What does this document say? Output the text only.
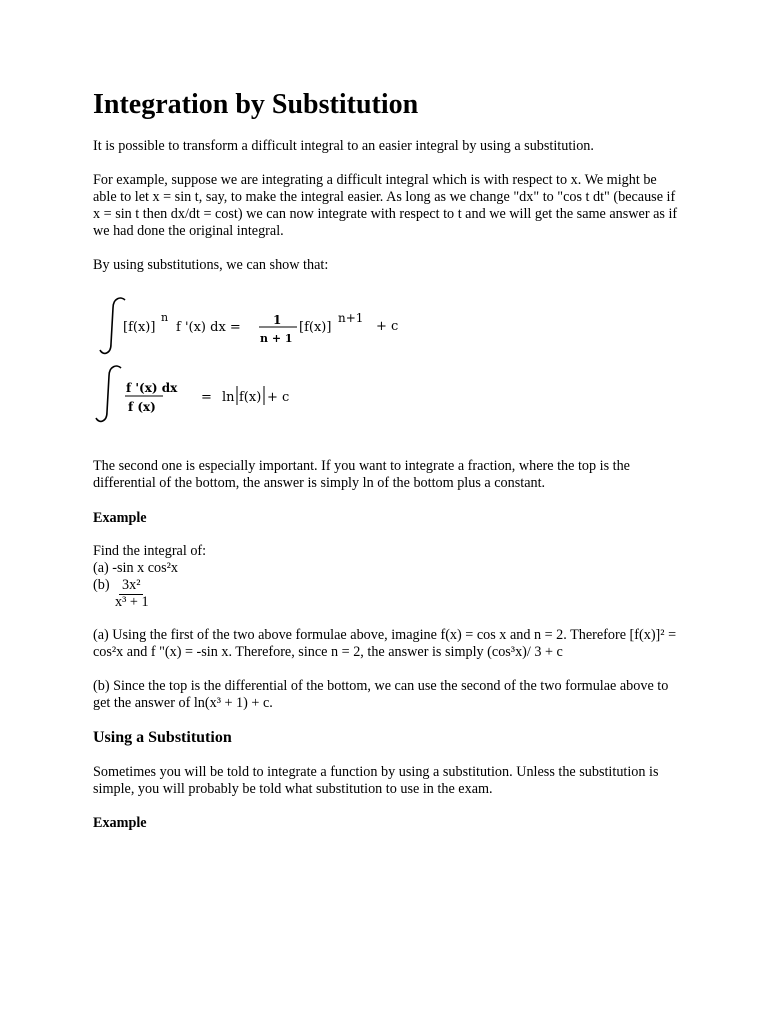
Integration by Substitution

It is possible to transform a difficult integral to an easier integral by using a substitution.

For example, suppose we are integrating a difficult integral which is with respect to x. We might be able to let x = sin t, say, to make the integral easier. As long as we change "dx" to "cos t dt" (because if x = sin t then dx/dt = cost) we can now integrate with respect to t and we will get the same answer as if we had done the original integral.

By using substitutions, we can show that:

[f(x)]
n
f '(x) dx =	1
n + 1
[f(x)]
n+1
+ c
f '(x) dx
f (x)
= ln f(x) + c

The second one is especially important. If you want to integrate a fraction, where the top is the differential of the bottom, the answer is simply ln of the bottom plus a constant.

Example

Find the integral of:

(a) -sin x cos²x

(b) 3x²

x³ + 1

(a) Using the first of the two above formulae above, imagine f(x) = cos x and n = 2. Therefore [f(x)]² = cos²x and f "(x) = -sin x. Therefore, since n = 2, the answer is simply (cos³x)/ 3 + c

(b) Since the top is the differential of the bottom, we can use the second of the two formulae above to get the answer of ln(x³ + 1) + c.

Using a Substitution

Sometimes you will be told to integrate a function by using a substitution. Unless the substitution is simple, you will probably be told what substitution to use in the exam.

Example
